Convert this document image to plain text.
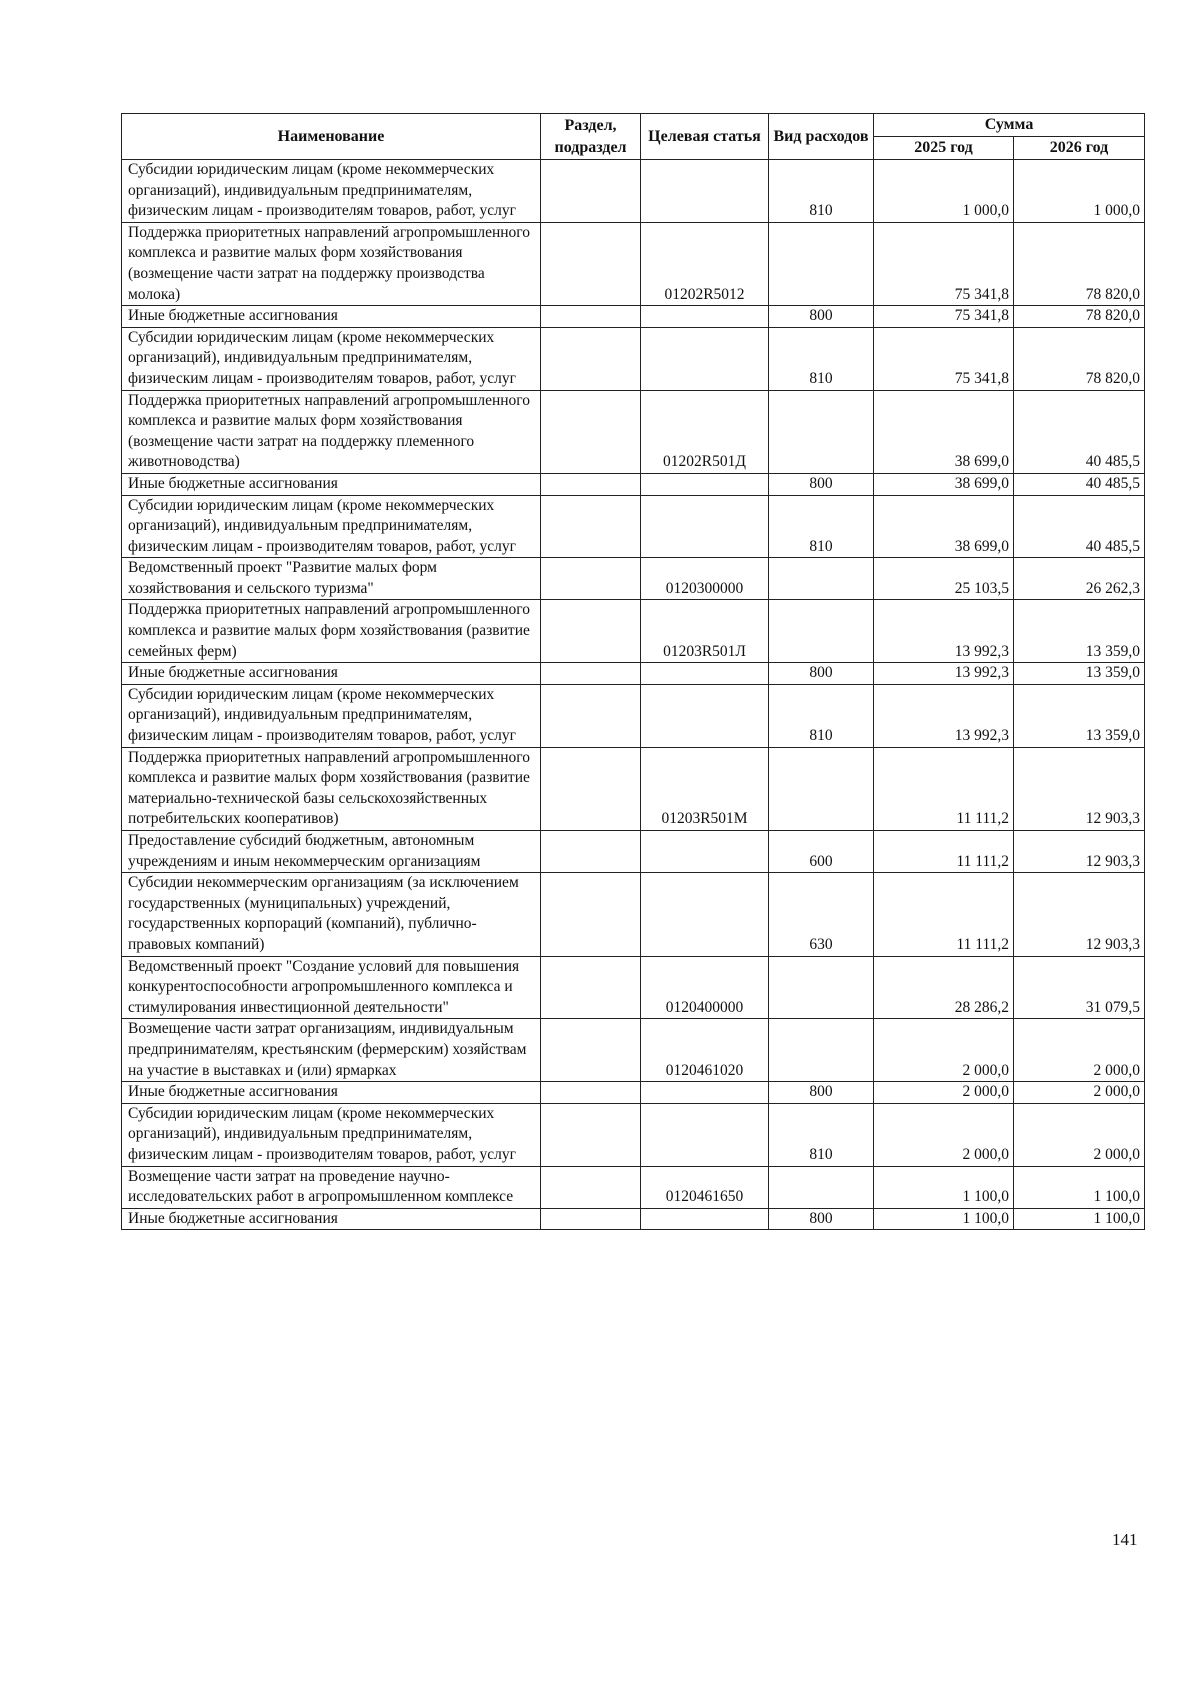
Наименование	Раздел, подраздел	Целевая статья	Вид расходов	Сумма	
				2025 год	2026 год
Субсидии юридическим лицам (кроме некоммерческих организаций), индивидуальным предпринимателям, физическим лицам - производителям товаров, работ, услуг			810	1 000,0	1 000,0
Поддержка приоритетных направлений агропромышленного комплекса и развитие малых форм хозяйствования (возмещение части затрат на поддержку производства молока)		01202R5012		75 341,8	78 820,0
Иные бюджетные ассигнования			800	75 341,8	78 820,0
Субсидии юридическим лицам (кроме некоммерческих организаций), индивидуальным предпринимателям, физическим лицам - производителям товаров, работ, услуг			810	75 341,8	78 820,0
Поддержка приоритетных направлений агропромышленного комплекса и развитие малых форм хозяйствования (возмещение части затрат на поддержку племенного животноводства)		01202R501Д		38 699,0	40 485,5
Иные бюджетные ассигнования			800	38 699,0	40 485,5
Субсидии юридическим лицам (кроме некоммерческих организаций), индивидуальным предпринимателям, физическим лицам - производителям товаров, работ, услуг			810	38 699,0	40 485,5
Ведомственный проект "Развитие малых форм хозяйствования и сельского туризма"		0120300000		25 103,5	26 262,3
Поддержка приоритетных направлений агропромышленного комплекса и развитие малых форм хозяйствования (развитие семейных ферм)		01203R501Л		13 992,3	13 359,0
Иные бюджетные ассигнования			800	13 992,3	13 359,0
Субсидии юридическим лицам (кроме некоммерческих организаций), индивидуальным предпринимателям, физическим лицам - производителям товаров, работ, услуг			810	13 992,3	13 359,0
Поддержка приоритетных направлений агропромышленного комплекса и развитие малых форм хозяйствования (развитие материально-технической базы сельскохозяйственных потребительских кооперативов)		01203R501М		11 111,2	12 903,3
Предоставление субсидий бюджетным, автономным учреждениям и иным некоммерческим организациям			600	11 111,2	12 903,3
Субсидии некоммерческим организациям (за исключением государственных (муниципальных) учреждений, государственных корпораций (компаний), публично-правовых компаний)			630	11 111,2	12 903,3
Ведомственный проект "Создание условий для повышения конкурентоспособности агропромышленного комплекса и стимулирования инвестиционной деятельности"		0120400000		28 286,2	31 079,5
Возмещение части затрат организациям, индивидуальным предпринимателям, крестьянским (фермерским) хозяйствам на участие в выставках и (или) ярмарках		0120461020		2 000,0	2 000,0
Иные бюджетные ассигнования			800	2 000,0	2 000,0
Субсидии юридическим лицам (кроме некоммерческих организаций), индивидуальным предпринимателям, физическим лицам - производителям товаров, работ, услуг			810	2 000,0	2 000,0
Возмещение части затрат на проведение научно-исследовательских работ в агропромышленном комплексе		0120461650		1 100,0	1 100,0
Иные бюджетные ассигнования			800	1 100,0	1 100,0
141
